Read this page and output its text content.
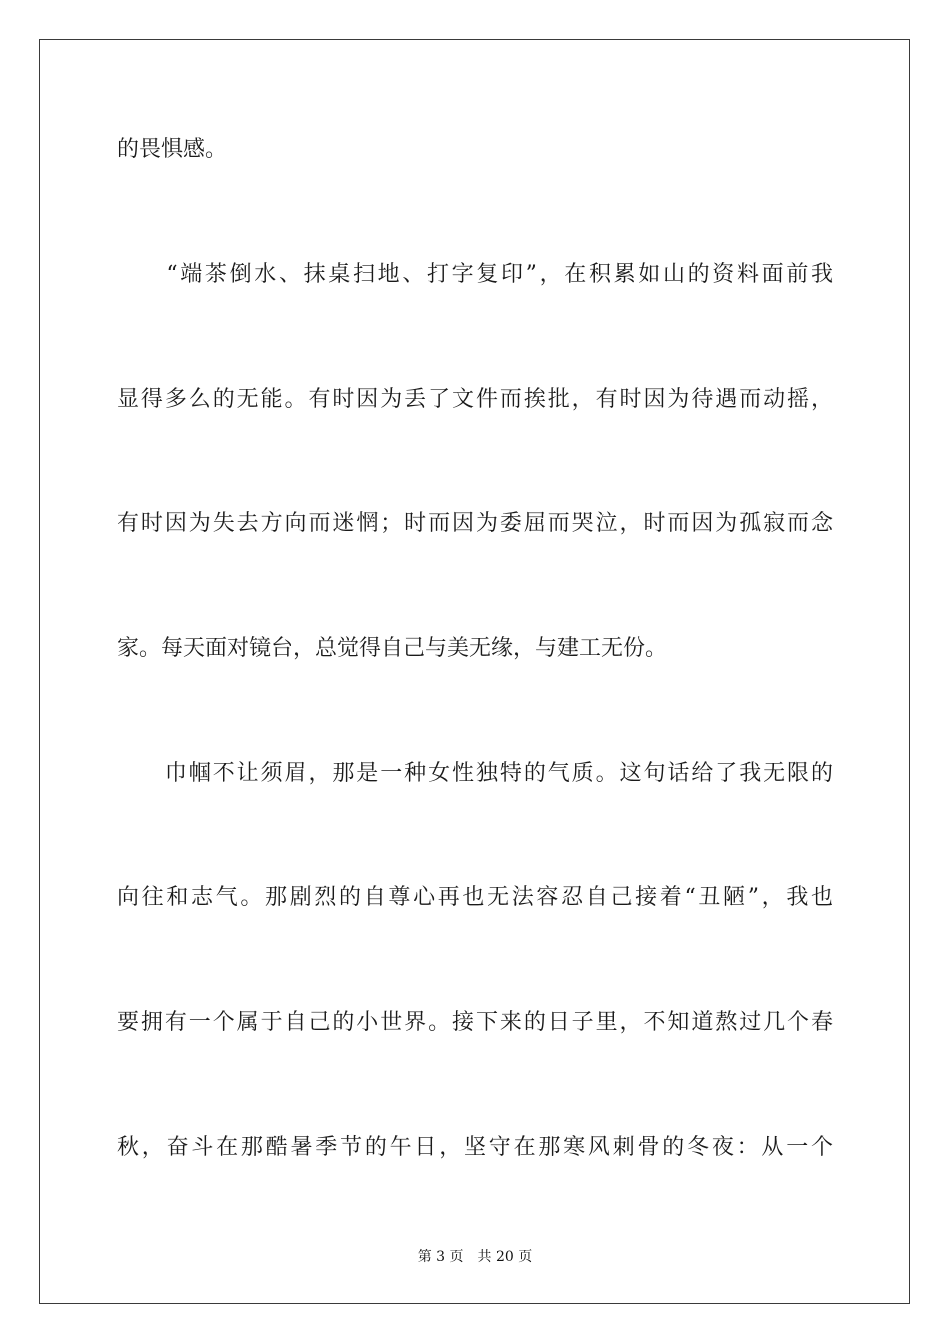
的畏惧感。
　　“端茶倒水、抹桌扫地、打字复印”，在积累如山的资料面前我
显得多么的无能。有时因为丢了文件而挨批，有时因为待遇而动摇，
有时因为失去方向而迷惘；时而因为委屈而哭泣，时而因为孤寂而念
家。每天面对镜台，总觉得自己与美无缘，与建工无份。
　　巾帼不让须眉，那是一种女性独特的气质。这句话给了我无限的
向往和志气。那剧烈的自尊心再也无法容忍自己接着“丑陋”，我也
要拥有一个属于自己的小世界。接下来的日子里，不知道熬过几个春
秋，奋斗在那酷暑季节的午日，坚守在那寒风刺骨的冬夜：从一个
第 3 页　共 20 页
